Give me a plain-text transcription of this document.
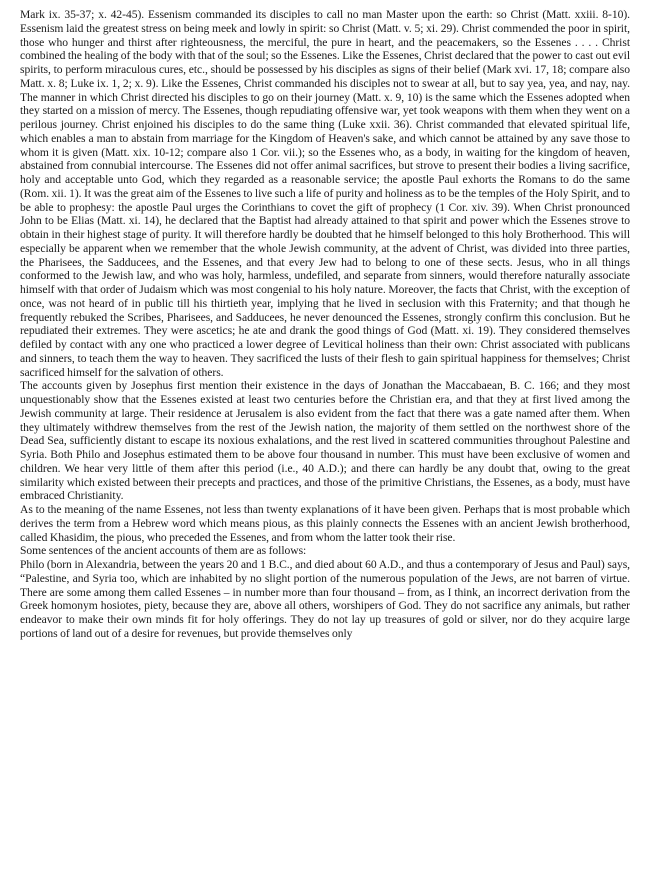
Mark ix. 35-37; x. 42-45). Essenism commanded its disciples to call no man Master upon the earth: so Christ (Matt. xxiii. 8-10). Essenism laid the greatest stress on being meek and lowly in spirit: so Christ (Matt. v. 5; xi. 29). Christ commended the poor in spirit, those who hunger and thirst after righteousness, the merciful, the pure in heart, and the peacemakers, so the Essenes . . . . Christ combined the healing of the body with that of the soul; so the Essenes. Like the Essenes, Christ declared that the power to cast out evil spirits, to perform miraculous cures, etc., should be possessed by his disciples as signs of their belief (Mark xvi. 17, 18; compare also Matt. x. 8; Luke ix. 1, 2; x. 9). Like the Essenes, Christ commanded his disciples not to swear at all, but to say yea, yea, and nay, nay. The manner in which Christ directed his disciples to go on their journey (Matt. x. 9, 10) is the same which the Essenes adopted when they started on a mission of mercy. The Essenes, though repudiating offensive war, yet took weapons with them when they went on a perilous journey. Christ enjoined his disciples to do the same thing (Luke xxii. 36). Christ commanded that elevated spiritual life, which enables a man to abstain from marriage for the Kingdom of Heaven's sake, and which cannot be attained by any save those to whom it is given (Matt. xix. 10-12; compare also 1 Cor. vii.); so the Essenes who, as a body, in waiting for the kingdom of heaven, abstained from connubial intercourse. The Essenes did not offer animal sacrifices, but strove to present their bodies a living sacrifice, holy and acceptable unto God, which they regarded as a reasonable service; the apostle Paul exhorts the Romans to do the same (Rom. xii. 1). It was the great aim of the Essenes to live such a life of purity and holiness as to be the temples of the Holy Spirit, and to be able to prophesy: the apostle Paul urges the Corinthians to covet the gift of prophecy (1 Cor. xiv. 39). When Christ pronounced John to be Elias (Matt. xi. 14), he declared that the Baptist had already attained to that spirit and power which the Essenes strove to obtain in their highest stage of purity. It will therefore hardly be doubted that he himself belonged to this holy Brotherhood. This will especially be apparent when we remember that the whole Jewish community, at the advent of Christ, was divided into three parties, the Pharisees, the Sadducees, and the Essenes, and that every Jew had to belong to one of these sects. Jesus, who in all things conformed to the Jewish law, and who was holy, harmless, undefiled, and separate from sinners, would therefore naturally associate himself with that order of Judaism which was most congenial to his holy nature. Moreover, the facts that Christ, with the exception of once, was not heard of in public till his thirtieth year, implying that he lived in seclusion with this Fraternity; and that though he frequently rebuked the Scribes, Pharisees, and Sadducees, he never denounced the Essenes, strongly confirm this conclusion. But he repudiated their extremes. They were ascetics; he ate and drank the good things of God (Matt. xi. 19). They considered themselves defiled by contact with any one who practiced a lower degree of Levitical holiness than their own: Christ associated with publicans and sinners, to teach them the way to heaven. They sacrificed the lusts of their flesh to gain spiritual happiness for themselves; Christ sacrificed himself for the salvation of others.

The accounts given by Josephus first mention their existence in the days of Jonathan the Maccabaean, B. C. 166; and they most unquestionably show that the Essenes existed at least two centuries before the Christian era, and that they at first lived among the Jewish community at large. Their residence at Jerusalem is also evident from the fact that there was a gate named after them. When they ultimately withdrew themselves from the rest of the Jewish nation, the majority of them settled on the northwest shore of the Dead Sea, sufficiently distant to escape its noxious exhalations, and the rest lived in scattered communities throughout Palestine and Syria. Both Philo and Josephus estimated them to be above four thousand in number. This must have been exclusive of women and children. We hear very little of them after this period (i.e., 40 A.D.); and there can hardly be any doubt that, owing to the great similarity which existed between their precepts and practices, and those of the primitive Christians, the Essenes, as a body, must have embraced Christianity.

As to the meaning of the name Essenes, not less than twenty explanations of it have been given. Perhaps that is most probable which derives the term from a Hebrew word which means pious, as this plainly connects the Essenes with an ancient Jewish brotherhood, called Khasidim, the pious, who preceded the Essenes, and from whom the latter took their rise.

Some sentences of the ancient accounts of them are as follows:

Philo (born in Alexandria, between the years 20 and 1 B.C., and died about 60 A.D., and thus a contemporary of Jesus and Paul) says, “Palestine, and Syria too, which are inhabited by no slight portion of the numerous population of the Jews, are not barren of virtue. There are some among them called Essenes – in number more than four thousand – from, as I think, an incorrect derivation from the Greek homonym hosiotes, piety, because they are, above all others, worshipers of God. They do not sacrifice any animals, but rather endeavor to make their own minds fit for holy offerings. They do not lay up treasures of gold or silver, nor do they acquire large portions of land out of a desire for revenues, but provide themselves only
